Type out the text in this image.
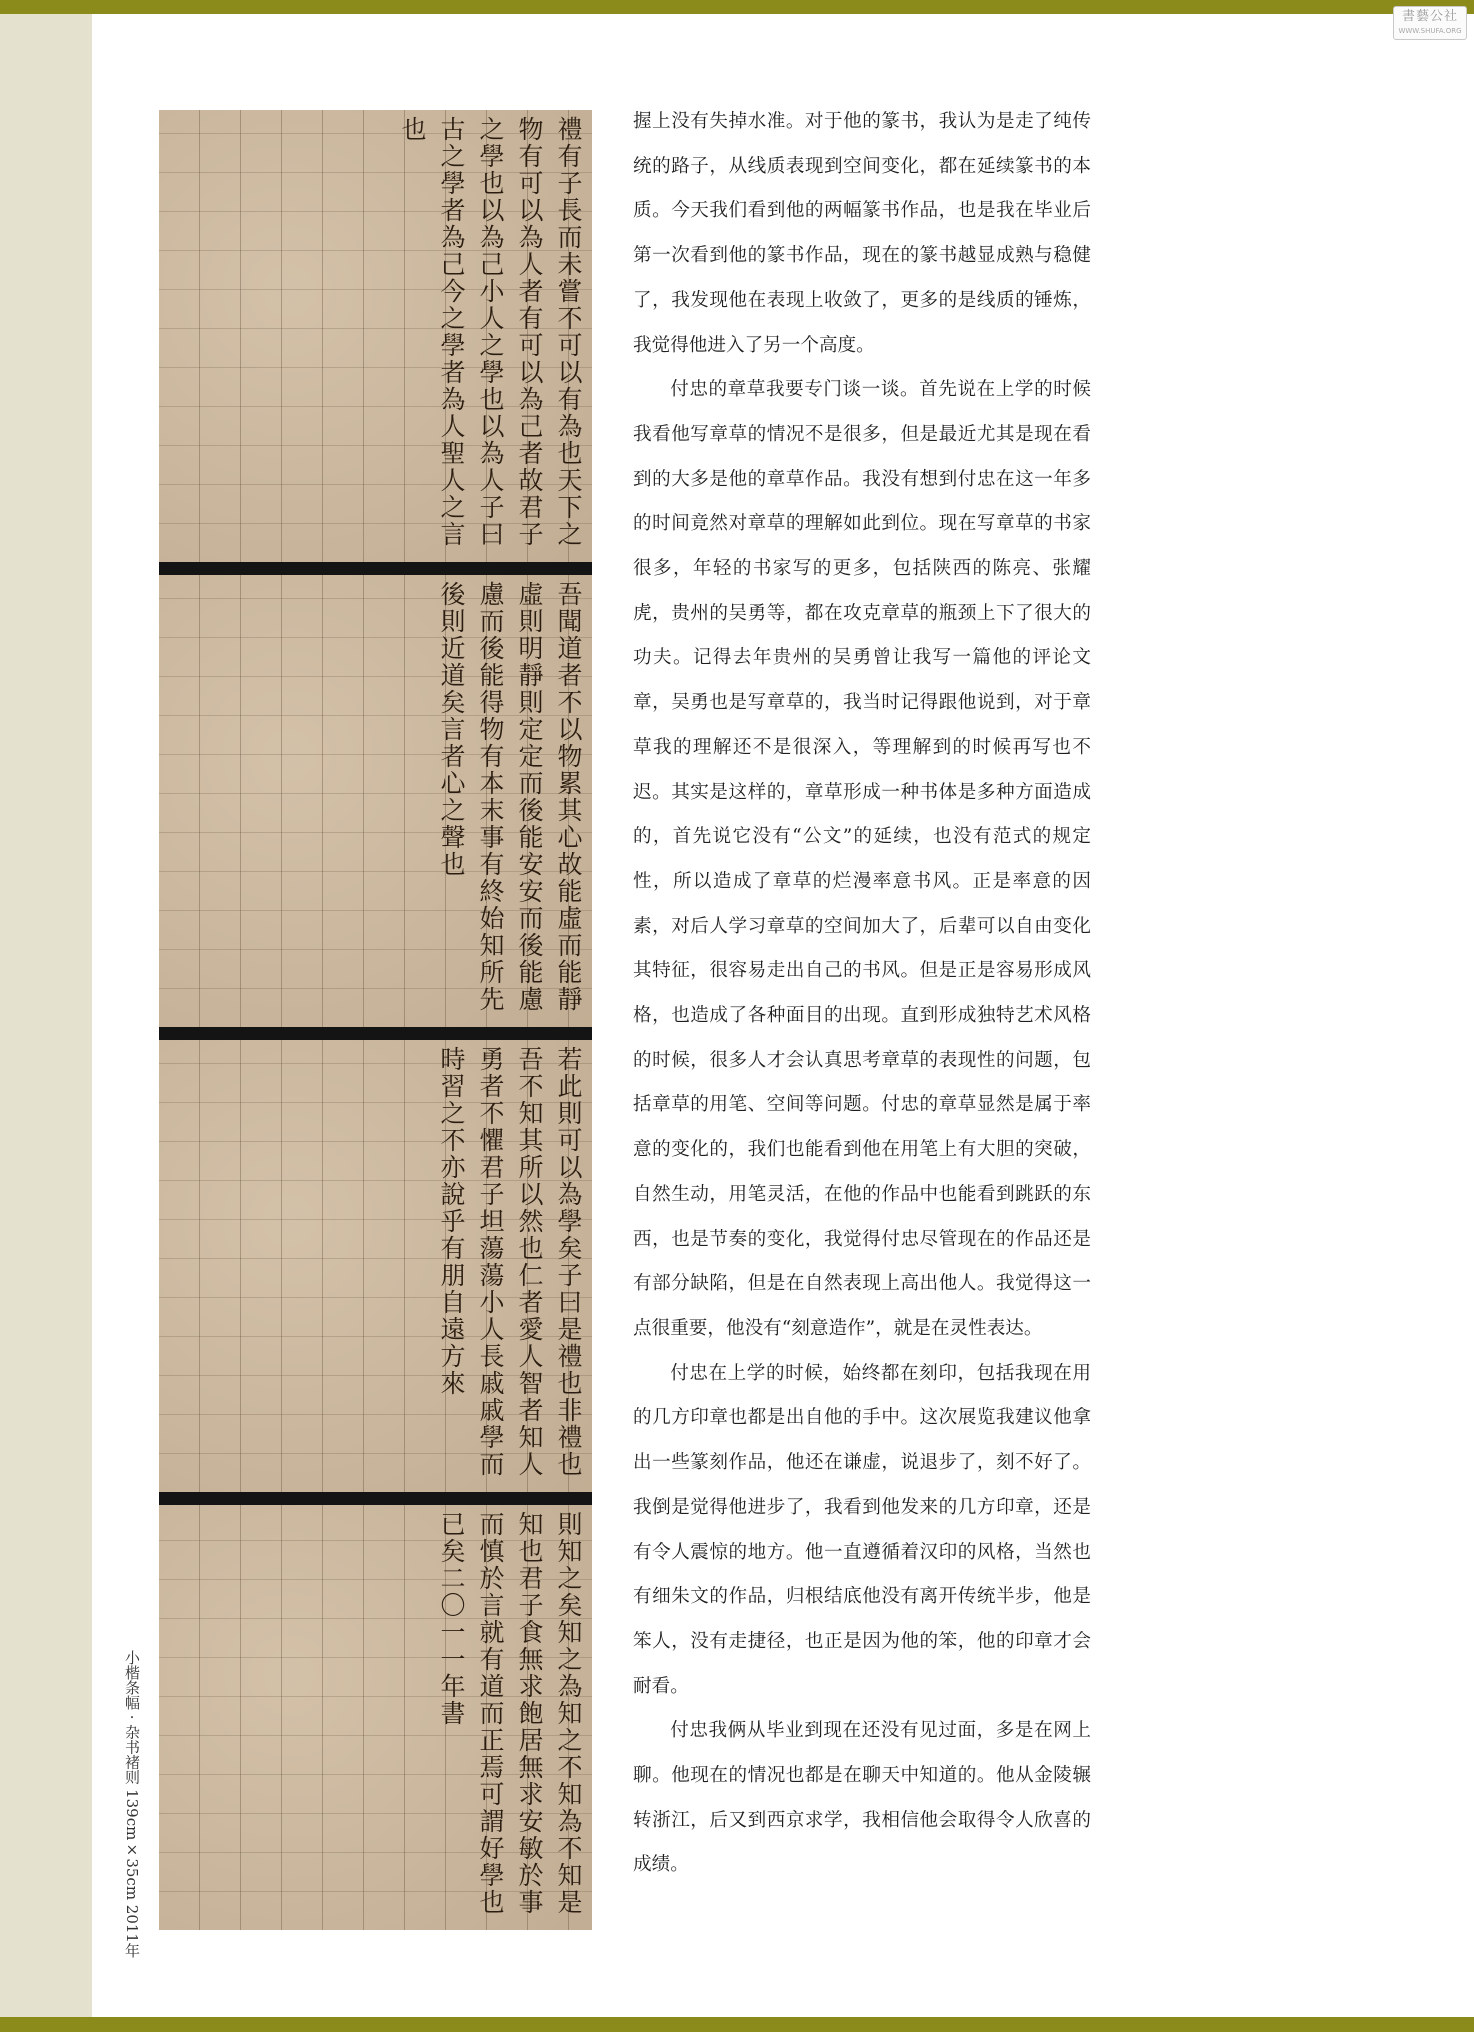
書藝公社
WWW.SHUFA.ORG
禮有子長而未嘗不可以有為也天下之物有可以為人者有可以為己者故君子之學也以為己小人之學也以為人子曰古之學者為己今之學者為人聖人之言也
吾聞道者不以物累其心故能虛而能靜虛則明靜則定定而後能安安而後能慮慮而後能得物有本末事有終始知所先後則近道矣言者心之聲也
若此則可以為學矣子曰是禮也非禮也吾不知其所以然也仁者愛人智者知人勇者不懼君子坦蕩蕩小人長戚戚學而時習之不亦說乎有朋自遠方來
則知之矣知之為知之不知為不知是知也君子食無求飽居無求安敏於事而慎於言就有道而正焉可謂好學也已矣二〇一一年書
小楷条幅 · 杂书褚则 139cm×35cm 2011年

握上没有失掉水准。对于他的篆书，我认为是走了纯传统的路子，从线质表现到空间变化，都在延续篆书的本质。今天我们看到他的两幅篆书作品，也是我在毕业后第一次看到他的篆书作品，现在的篆书越显成熟与稳健了，我发现他在表现上收敛了，更多的是线质的锤炼，我觉得他进入了另一个高度。

付忠的章草我要专门谈一谈。首先说在上学的时候我看他写章草的情况不是很多，但是最近尤其是现在看到的大多是他的章草作品。我没有想到付忠在这一年多的时间竟然对章草的理解如此到位。现在写章草的书家很多，年轻的书家写的更多，包括陕西的陈亮、张耀虎，贵州的吴勇等，都在攻克章草的瓶颈上下了很大的功夫。记得去年贵州的吴勇曾让我写一篇他的评论文章，吴勇也是写章草的，我当时记得跟他说到，对于章草我的理解还不是很深入，等理解到的时候再写也不迟。其实是这样的，章草形成一种书体是多种方面造成的，首先说它没有“公文”的延续，也没有范式的规定性，所以造成了章草的烂漫率意书风。正是率意的因素，对后人学习章草的空间加大了，后辈可以自由变化其特征，很容易走出自己的书风。但是正是容易形成风格，也造成了各种面目的出现。直到形成独特艺术风格的时候，很多人才会认真思考章草的表现性的问题，包括章草的用笔、空间等问题。付忠的章草显然是属于率意的变化的，我们也能看到他在用笔上有大胆的突破，自然生动，用笔灵活，在他的作品中也能看到跳跃的东西，也是节奏的变化，我觉得付忠尽管现在的作品还是有部分缺陷，但是在自然表现上高出他人。我觉得这一点很重要，他没有“刻意造作”，就是在灵性表达。

付忠在上学的时候，始终都在刻印，包括我现在用的几方印章也都是出自他的手中。这次展览我建议他拿出一些篆刻作品，他还在谦虚，说退步了，刻不好了。我倒是觉得他进步了，我看到他发来的几方印章，还是有令人震惊的地方。他一直遵循着汉印的风格，当然也有细朱文的作品，归根结底他没有离开传统半步，他是笨人，没有走捷径，也正是因为他的笨，他的印章才会耐看。

付忠我俩从毕业到现在还没有见过面，多是在网上聊。他现在的情况也都是在聊天中知道的。他从金陵辗转浙江，后又到西京求学，我相信他会取得令人欣喜的成绩。
